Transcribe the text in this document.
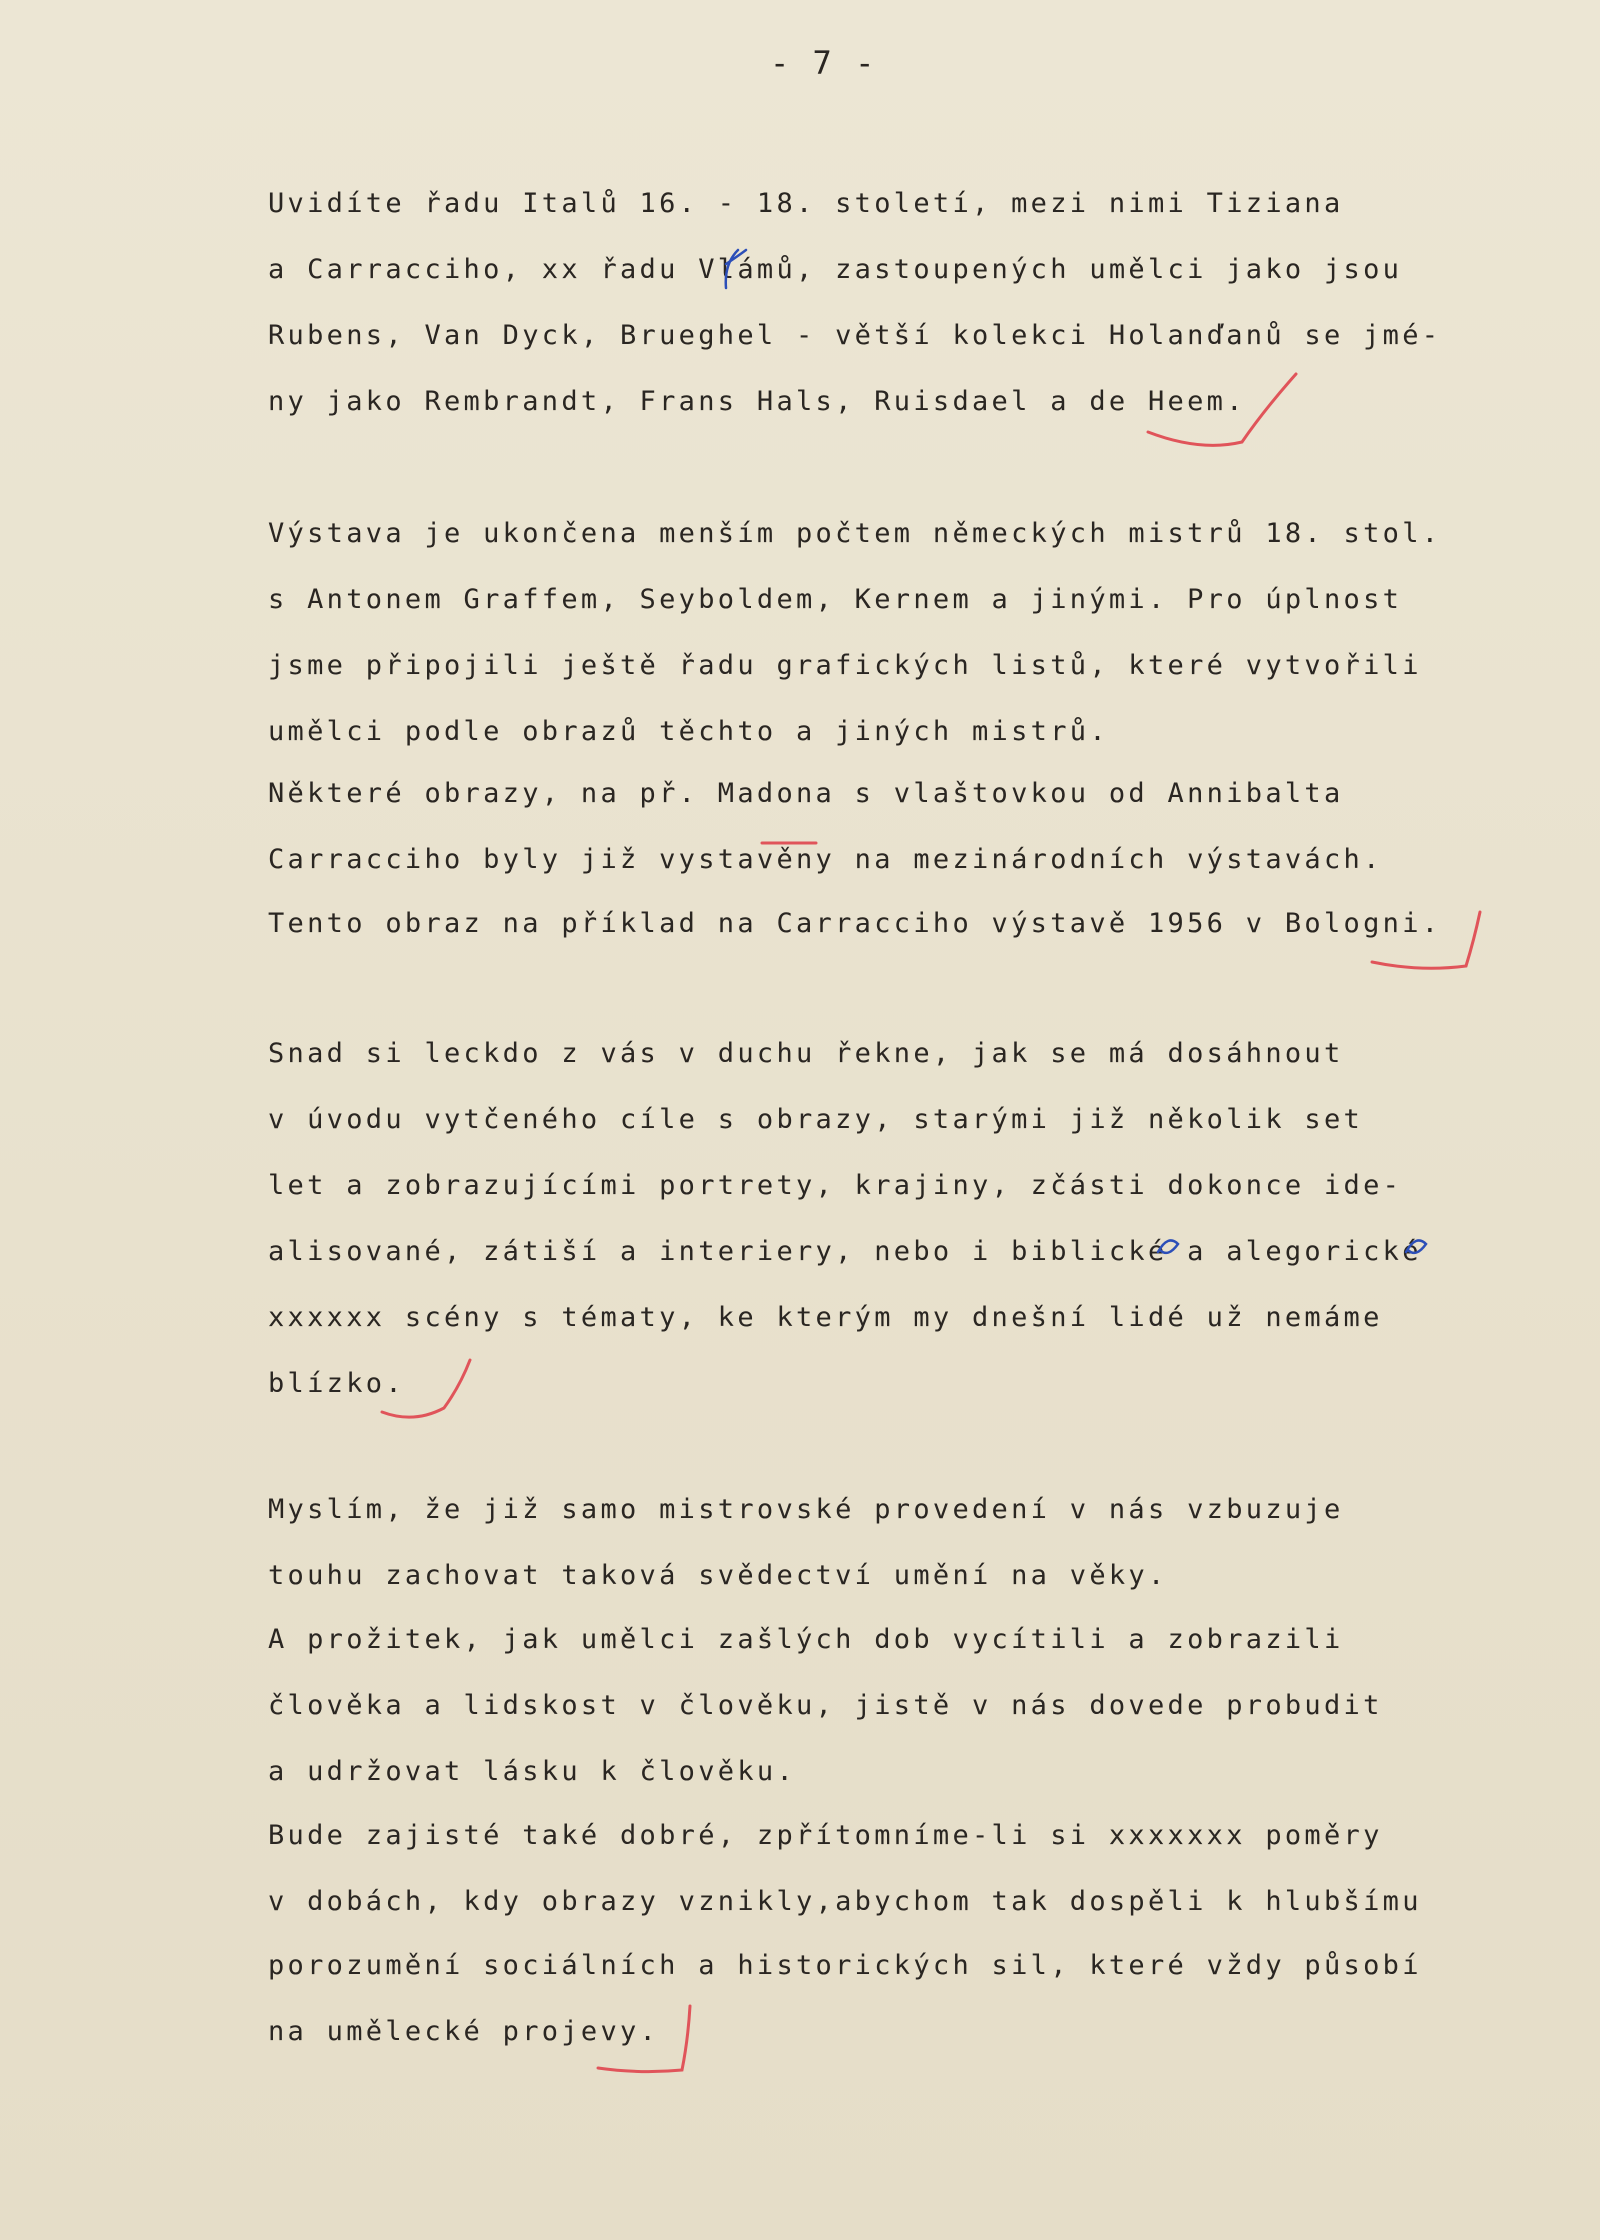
- 7 -
Uvidíte řadu Italů 16. - 18. století, mezi nimi Tiziana
a Carracciho, xx řadu Vlámů, zastoupených umělci jako jsou
Rubens, Van Dyck, Brueghel - větší kolekci Holanďanů se jmé-
ny jako Rembrandt, Frans Hals, Ruisdael a de Heem.
Výstava je ukončena menším počtem německých mistrů 18. stol.
s Antonem Graffem, Seyboldem, Kernem a jinými. Pro úplnost
jsme připojili ještě řadu grafických listů, které vytvořili
umělci podle obrazů těchto a jiných mistrů.
Některé obrazy, na př. Madona s vlaštovkou od Annibalta
Carracciho byly již vystavěny na mezinárodních výstavách.
Tento obraz na příklad na Carracciho výstavě 1956 v Bologni.
Snad si leckdo z vás v duchu řekne, jak se má dosáhnout
v úvodu vytčeného cíle s obrazy, starými již několik set
let a zobrazujícími portrety, krajiny, zčásti dokonce ide-
alisované, zátiší a interiery, nebo i biblické a alegorické
xxxxxx scény s tématy, ke kterým my dnešní lidé už nemáme
blízko.
Myslím, že již samo mistrovské provedení v nás vzbuzuje
touhu zachovat taková svědectví umění na věky.
A prožitek, jak umělci zašlých dob vycítili a zobrazili
člověka a lidskost v člověku, jistě v nás dovede probudit
a udržovat lásku k člověku.
Bude zajisté také dobré, zpřítomníme-li si xxxxxxx poměry
v dobách, kdy obrazy vznikly,abychom tak dospěli k hlubšímu
porozumění sociálních a historických sil, které vždy působí
na umělecké projevy.
